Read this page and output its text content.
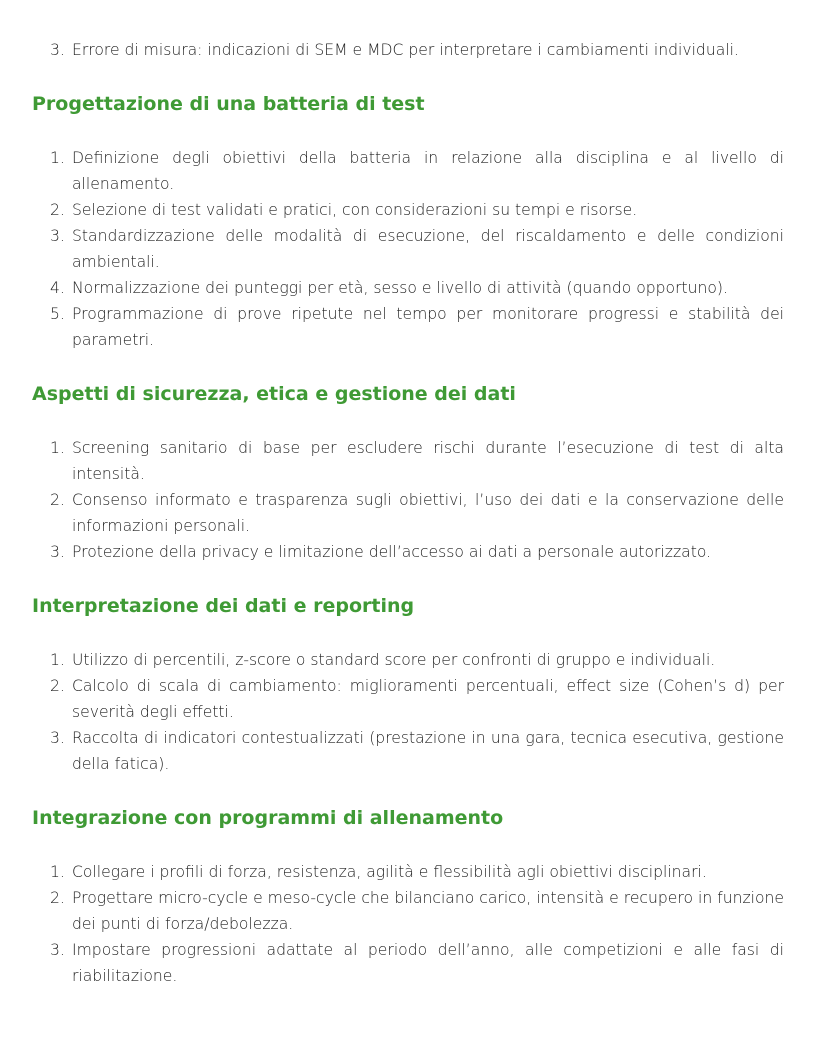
3. Errore di misura: indicazioni di SEM e MDC per interpretare i cambiamenti individuali.
Progettazione di una batteria di test
1. Definizione degli obiettivi della batteria in relazione alla disciplina e al livello di allenamento.
2. Selezione di test validati e pratici, con considerazioni su tempi e risorse.
3. Standardizzazione delle modalità di esecuzione, del riscaldamento e delle condizioni ambientali.
4. Normalizzazione dei punteggi per età, sesso e livello di attività (quando opportuno).
5. Programmazione di prove ripetute nel tempo per monitorare progressi e stabilità dei parametri.
Aspetti di sicurezza, etica e gestione dei dati
1. Screening sanitario di base per escludere rischi durante l’esecuzione di test di alta intensità.
2. Consenso informato e trasparenza sugli obiettivi, l’uso dei dati e la conservazione delle informazioni personali.
3. Protezione della privacy e limitazione dell’accesso ai dati a personale autorizzato.
Interpretazione dei dati e reporting
1. Utilizzo di percentili, z-score o standard score per confronti di gruppo e individuali.
2. Calcolo di scala di cambiamento: miglioramenti percentuali, effect size (Cohen’s d) per severità degli effetti.
3. Raccolta di indicatori contestualizzati (prestazione in una gara, tecnica esecutiva, gestione della fatica).
Integrazione con programmi di allenamento
1. Collegare i profili di forza, resistenza, agilità e flessibilità agli obiettivi disciplinari.
2. Progettare micro-cycle e meso-cycle che bilanciano carico, intensità e recupero in funzione dei punti di forza/debolezza.
3. Impostare progressioni adattate al periodo dell’anno, alle competizioni e alle fasi di riabilitazione.
